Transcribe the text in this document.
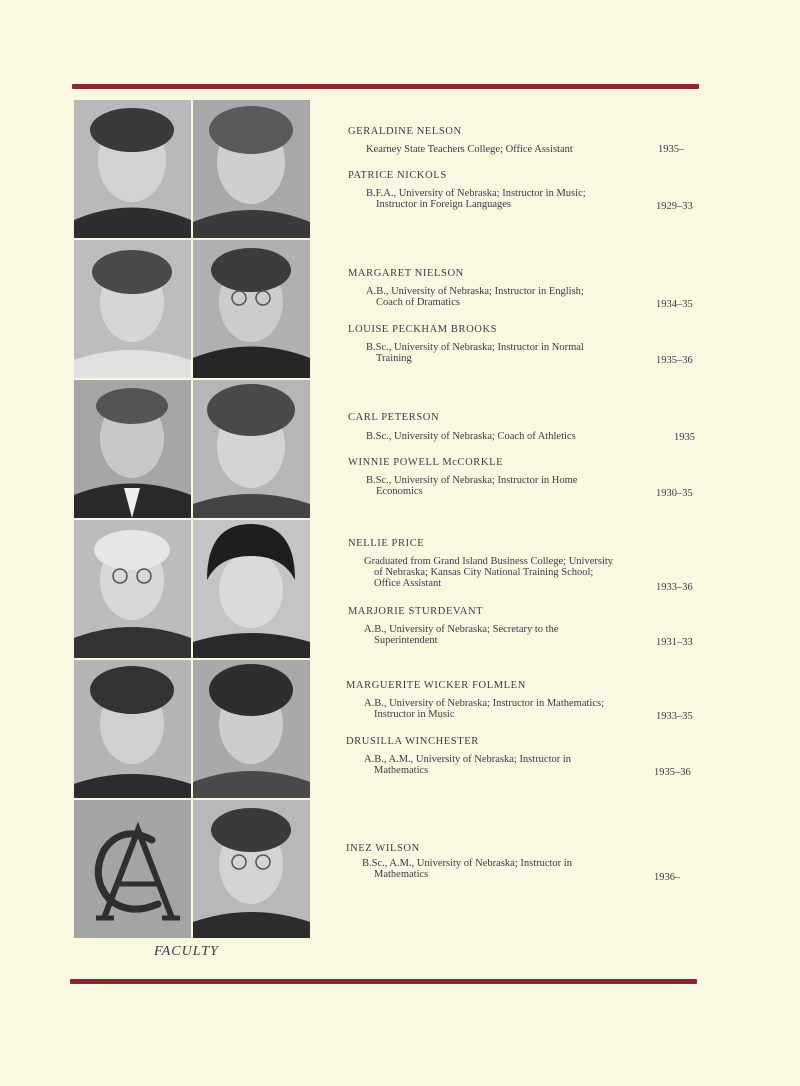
FACULTY
GERALDINE NELSON
Kearney State Teachers College; Office Assistant	1935–
PATRICE NICKOLS
B.F.A., University of Nebraska; Instructor in Music;
Instructor in Foreign Languages	1929–33
MARGARET NIELSON
A.B., University of Nebraska; Instructor in English;
Coach of Dramatics	1934–35
LOUISE PECKHAM BROOKS
B.Sc., University of Nebraska; Instructor in Normal
Training	1935–36
CARL PETERSON
B.Sc., University of Nebraska; Coach of Athletics	1935
WINNIE POWELL McCORKLE
B.Sc., University of Nebraska; Instructor in Home
Economics	1930–35
NELLIE PRICE
Graduated from Grand Island Business College; University
of Nebraska; Kansas City National Training School;
Office Assistant	1933–36
MARJORIE STURDEVANT
A.B., University of Nebraska; Secretary to the
Superintendent	1931–33
MARGUERITE WICKER FOLMLEN
A.B., University of Nebraska; Instructor in Mathematics;
Instructor in Music	1933–35
DRUSILLA WINCHESTER
A.B., A.M., University of Nebraska; Instructor in
Mathematics	1935–36
INEZ WILSON
B.Sc., A.M., University of Nebraska; Instructor in
Mathematics	1936–
